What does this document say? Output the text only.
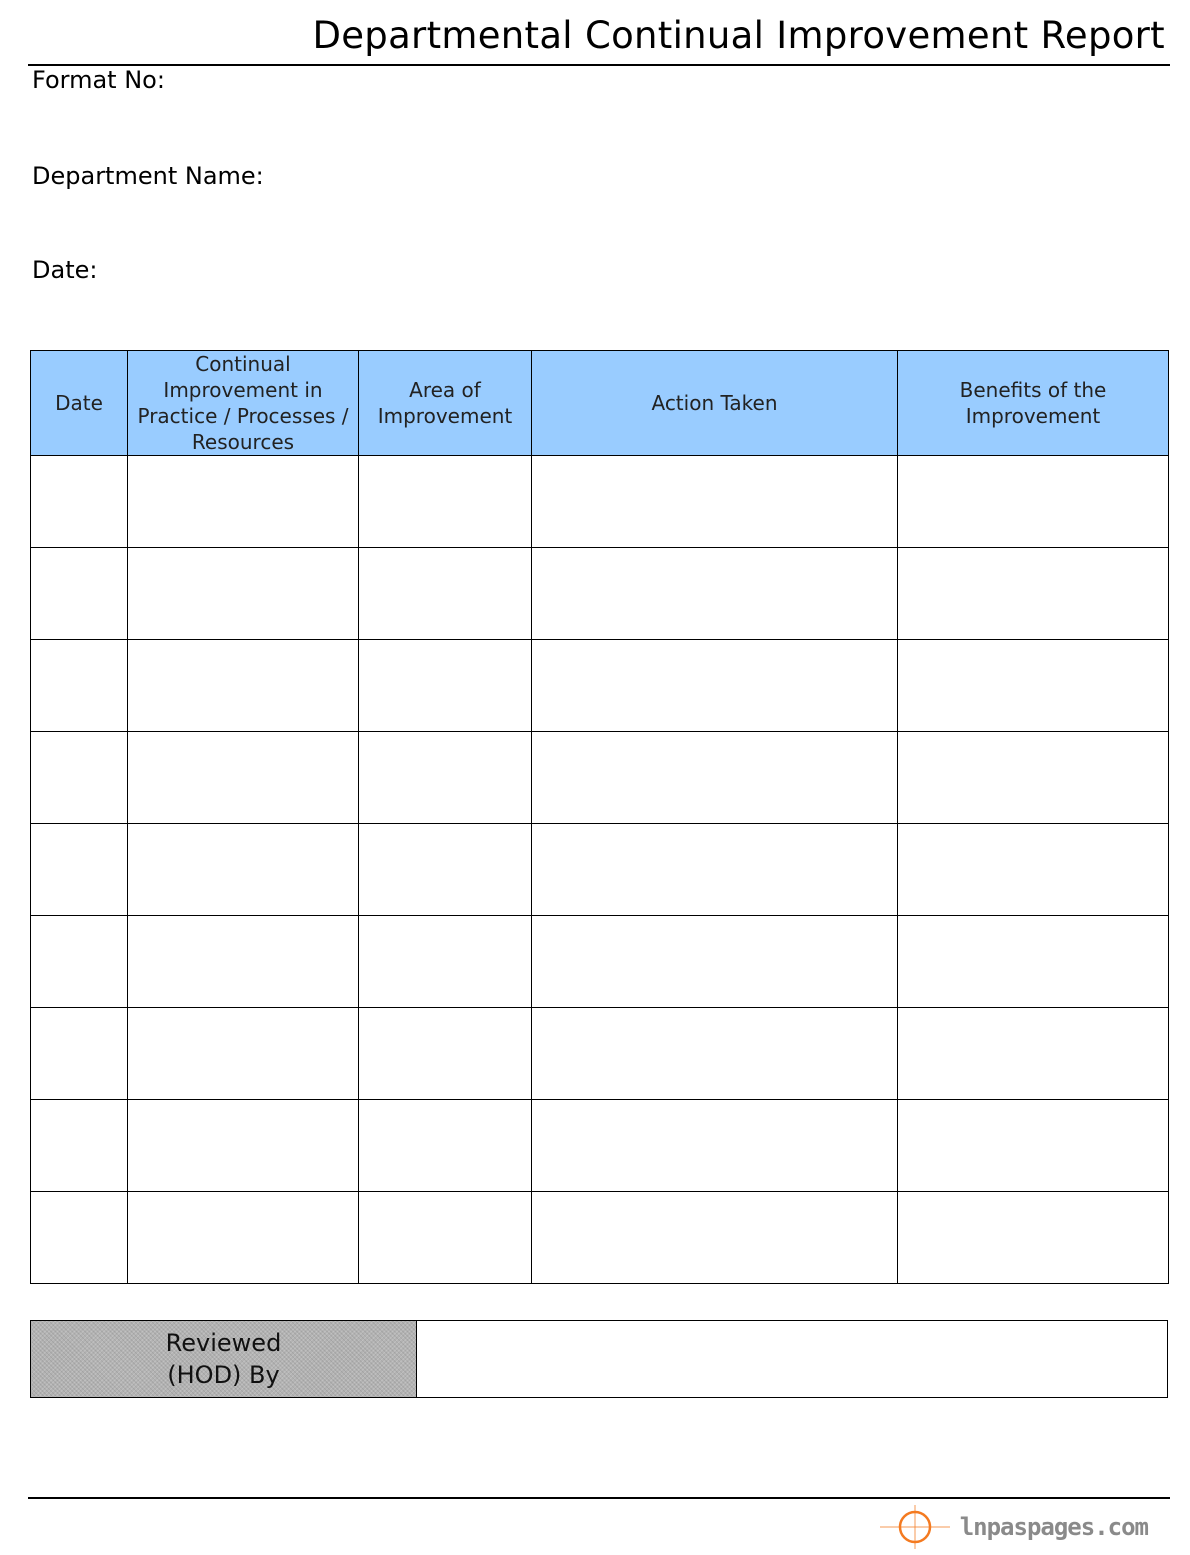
Departmental Continual Improvement Report
Format No:
Department Name:
Date:
Date	Continual Improvement in Practice / Processes / Resources	Area of Improvement	Action Taken	Benefits of the Improvement

Reviewed
(HOD) By

lnpaspages.com
